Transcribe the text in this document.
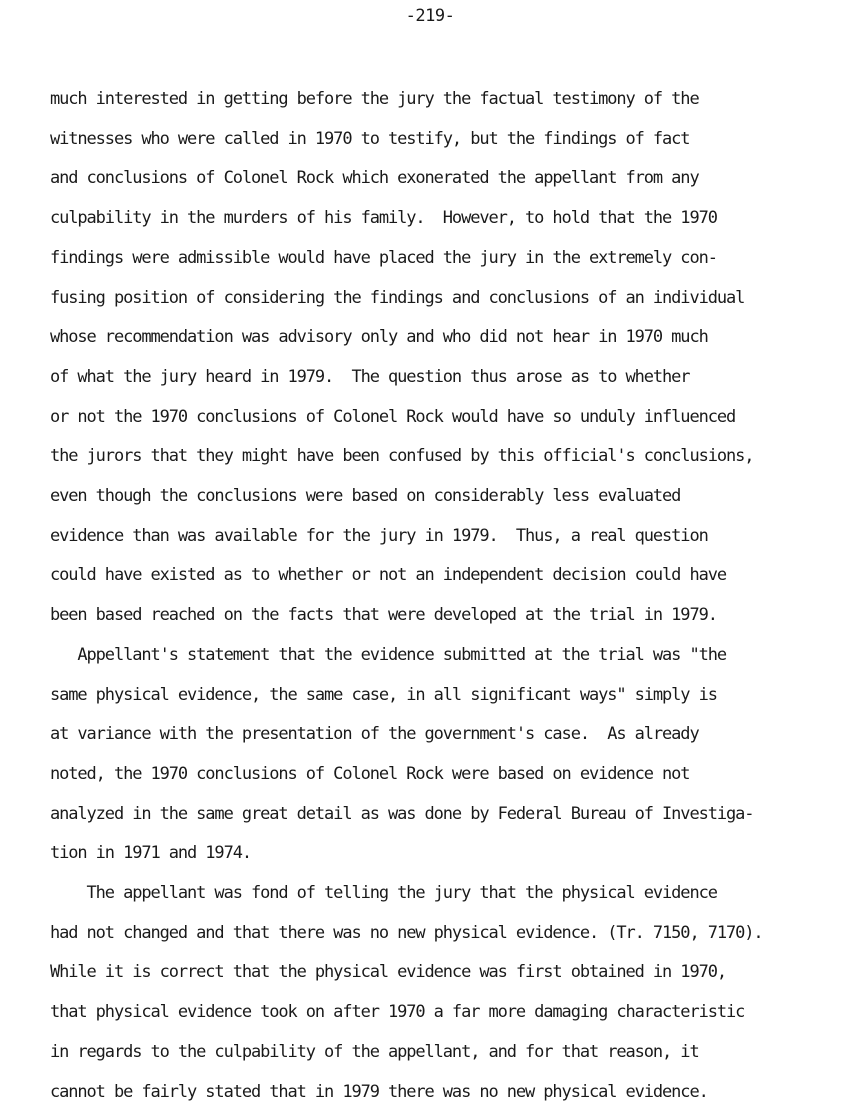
-219-
much interested in getting before the jury the factual testimony of the
witnesses who were called in 1970 to testify, but the findings of fact
and conclusions of Colonel Rock which exonerated the appellant from any
culpability in the murders of his family.  However, to hold that the 1970
findings were admissible would have placed the jury in the extremely con-
fusing position of considering the findings and conclusions of an individual
whose recommendation was advisory only and who did not hear in 1970 much
of what the jury heard in 1979.  The question thus arose as to whether
or not the 1970 conclusions of Colonel Rock would have so unduly influenced
the jurors that they might have been confused by this official's conclusions,
even though the conclusions were based on considerably less evaluated
evidence than was available for the jury in 1979.  Thus, a real question
could have existed as to whether or not an independent decision could have
been based reached on the facts that were developed at the trial in 1979.
Appellant's statement that the evidence submitted at the trial was "the
same physical evidence, the same case, in all significant ways" simply is
at variance with the presentation of the government's case.  As already
noted, the 1970 conclusions of Colonel Rock were based on evidence not
analyzed in the same great detail as was done by Federal Bureau of Investiga-
tion in 1971 and 1974.
The appellant was fond of telling the jury that the physical evidence
had not changed and that there was no new physical evidence. (Tr. 7150, 7170).
While it is correct that the physical evidence was first obtained in 1970,
that physical evidence took on after 1970 a far more damaging characteristic
in regards to the culpability of the appellant, and for that reason, it
cannot be fairly stated that in 1979 there was no new physical evidence.
